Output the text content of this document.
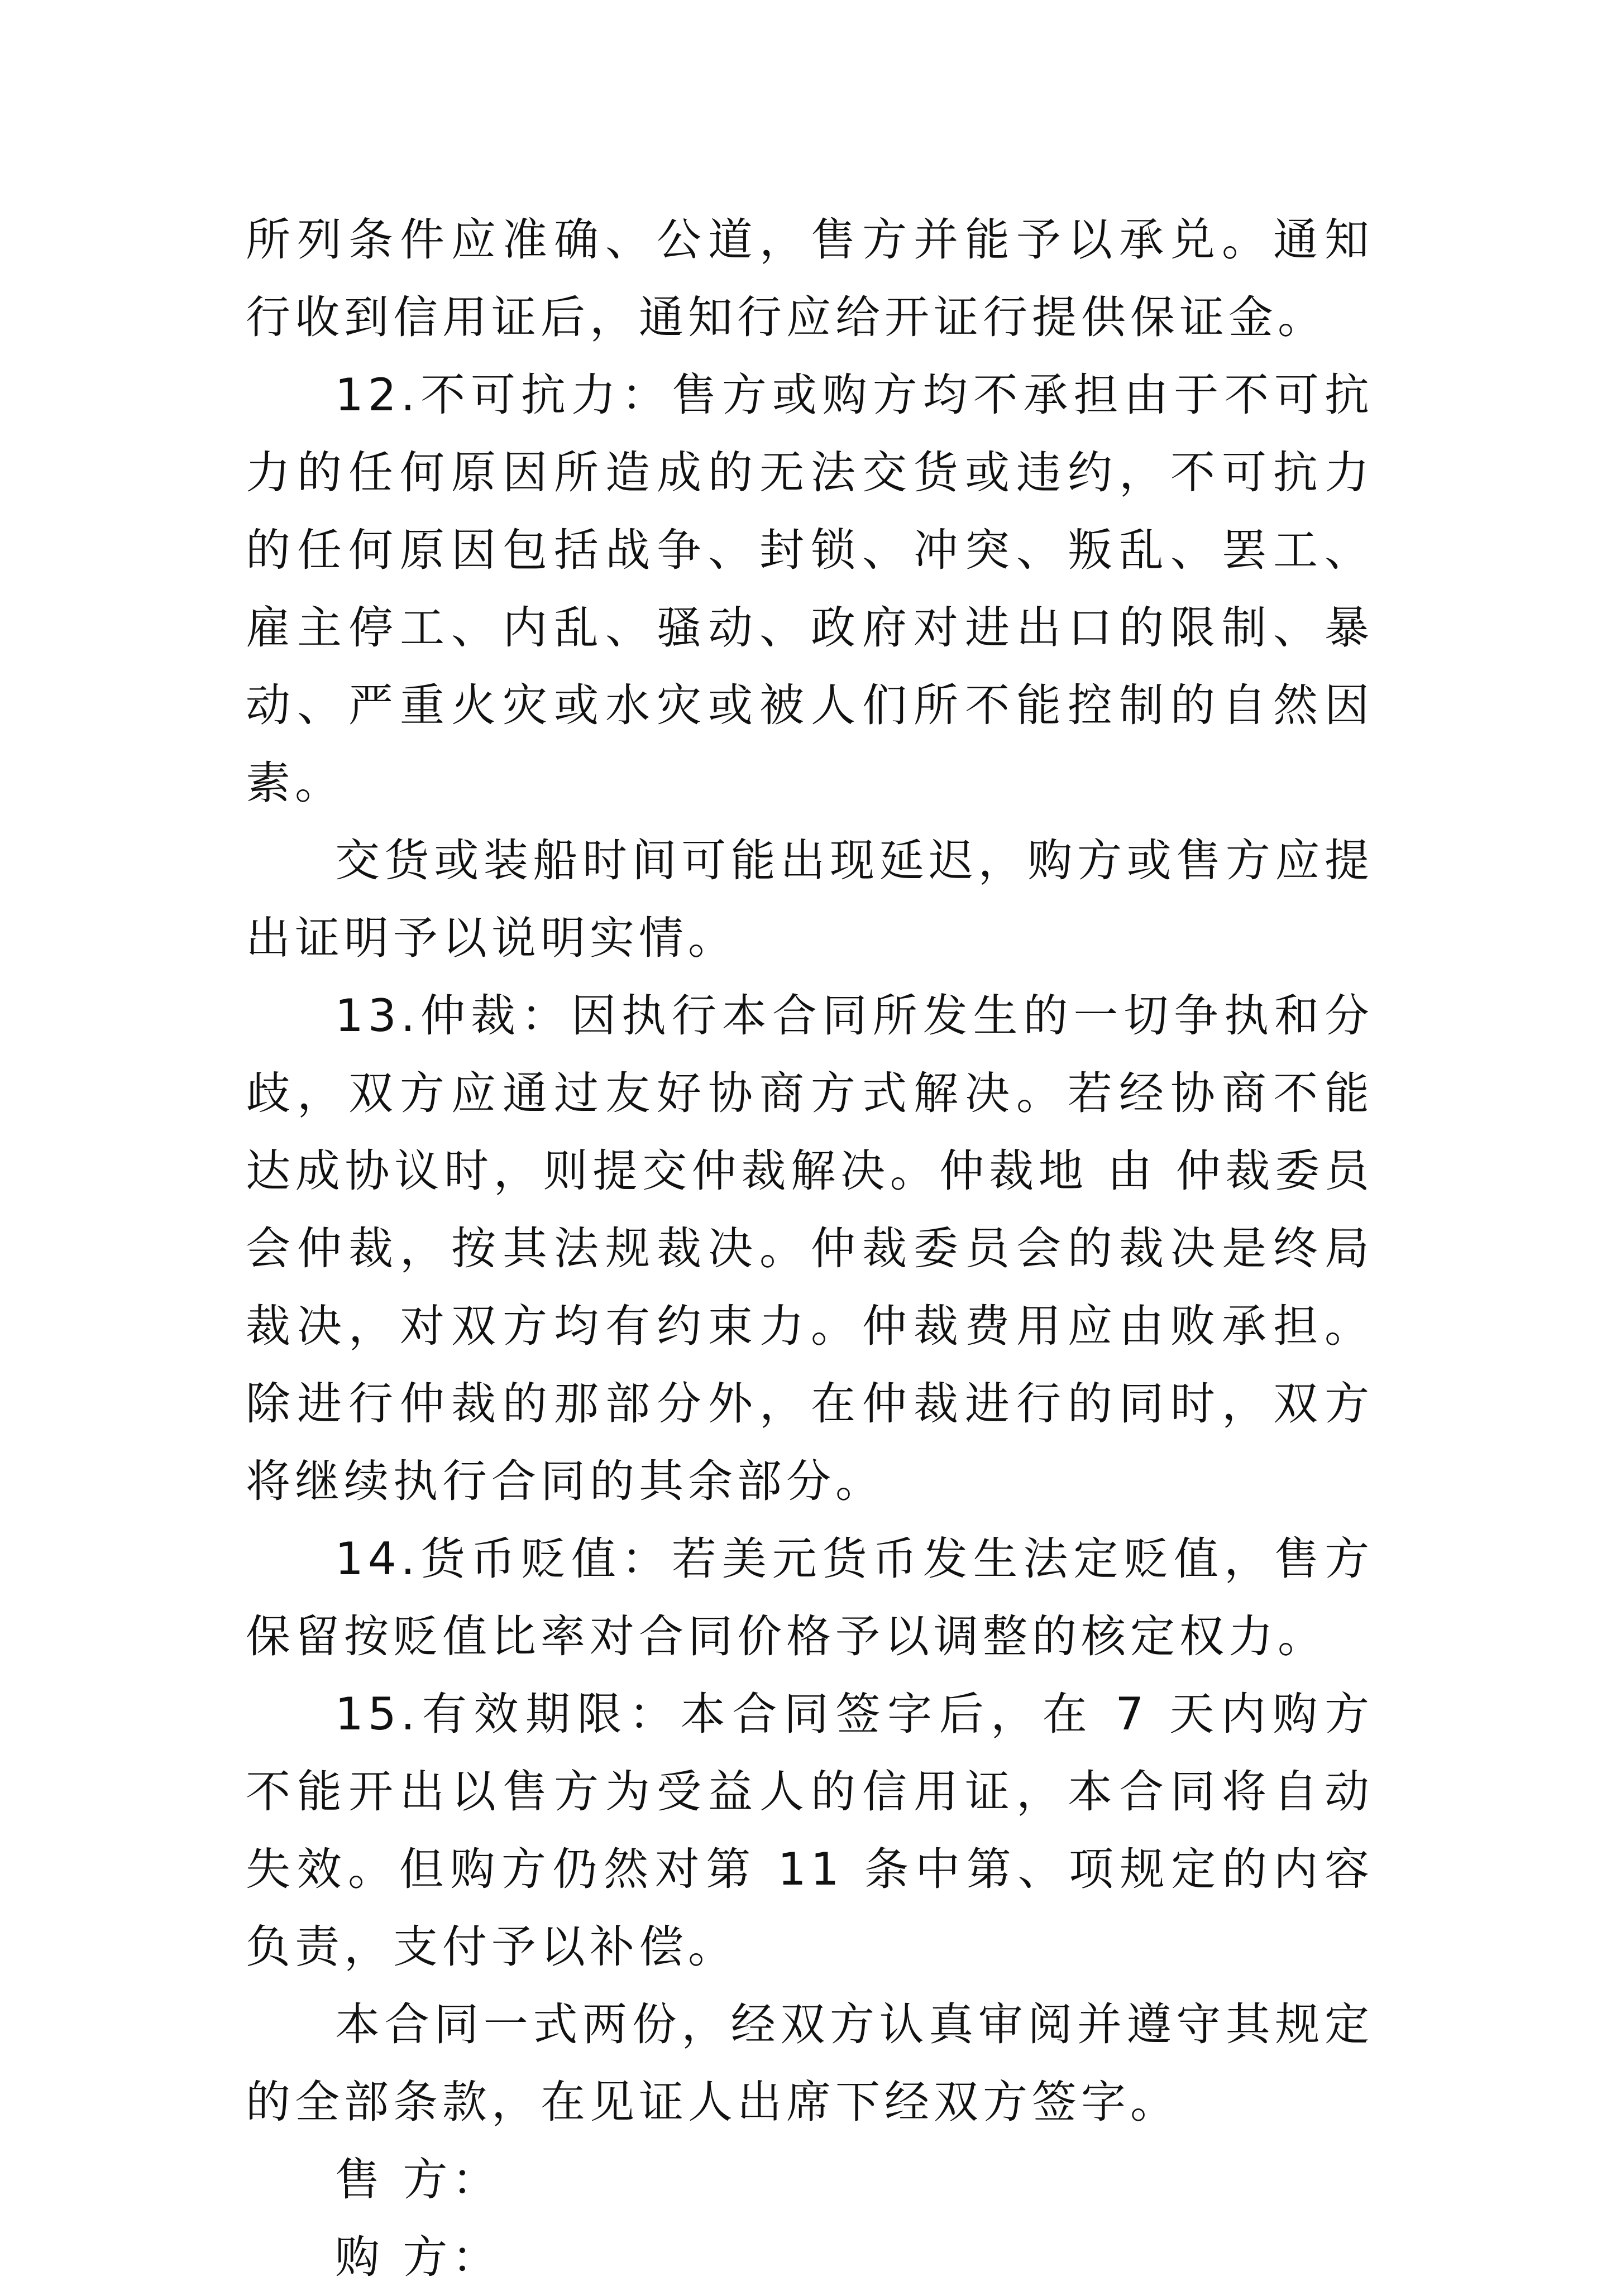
所列条件应准确、公道，售方并能予以承兑。通知行收到信用证后，通知行应给开证行提供保证金。

12.不可抗力：售方或购方均不承担由于不可抗力的任何原因所造成的无法交货或违约，不可抗力的任何原因包括战争、封锁、冲突、叛乱、罢工、雇主停工、内乱、骚动、政府对进出口的限制、暴动、严重火灾或水灾或被人们所不能控制的自然因素。

交货或装船时间可能出现延迟，购方或售方应提出证明予以说明实情。

13.仲裁：因执行本合同所发生的一切争执和分歧，双方应通过友好协商方式解决。若经协商不能达成协议时，则提交仲裁解决。仲裁地 由 仲裁委员会仲裁，按其法规裁决。仲裁委员会的裁决是终局裁决，对双方均有约束力。仲裁费用应由败承担。除进行仲裁的那部分外，在仲裁进行的同时，双方将继续执行合同的其余部分。

14.货币贬值：若美元货币发生法定贬值，售方保留按贬值比率对合同价格予以调整的核定权力。

15.有效期限：本合同签字后，在 7 天内购方不能开出以售方为受益人的信用证，本合同将自动失效。但购方仍然对第 11 条中第、项规定的内容负责，支付予以补偿。

本合同一式两份，经双方认真审阅并遵守其规定的全部条款，在见证人出席下经双方签字。

售 方：

购 方：
